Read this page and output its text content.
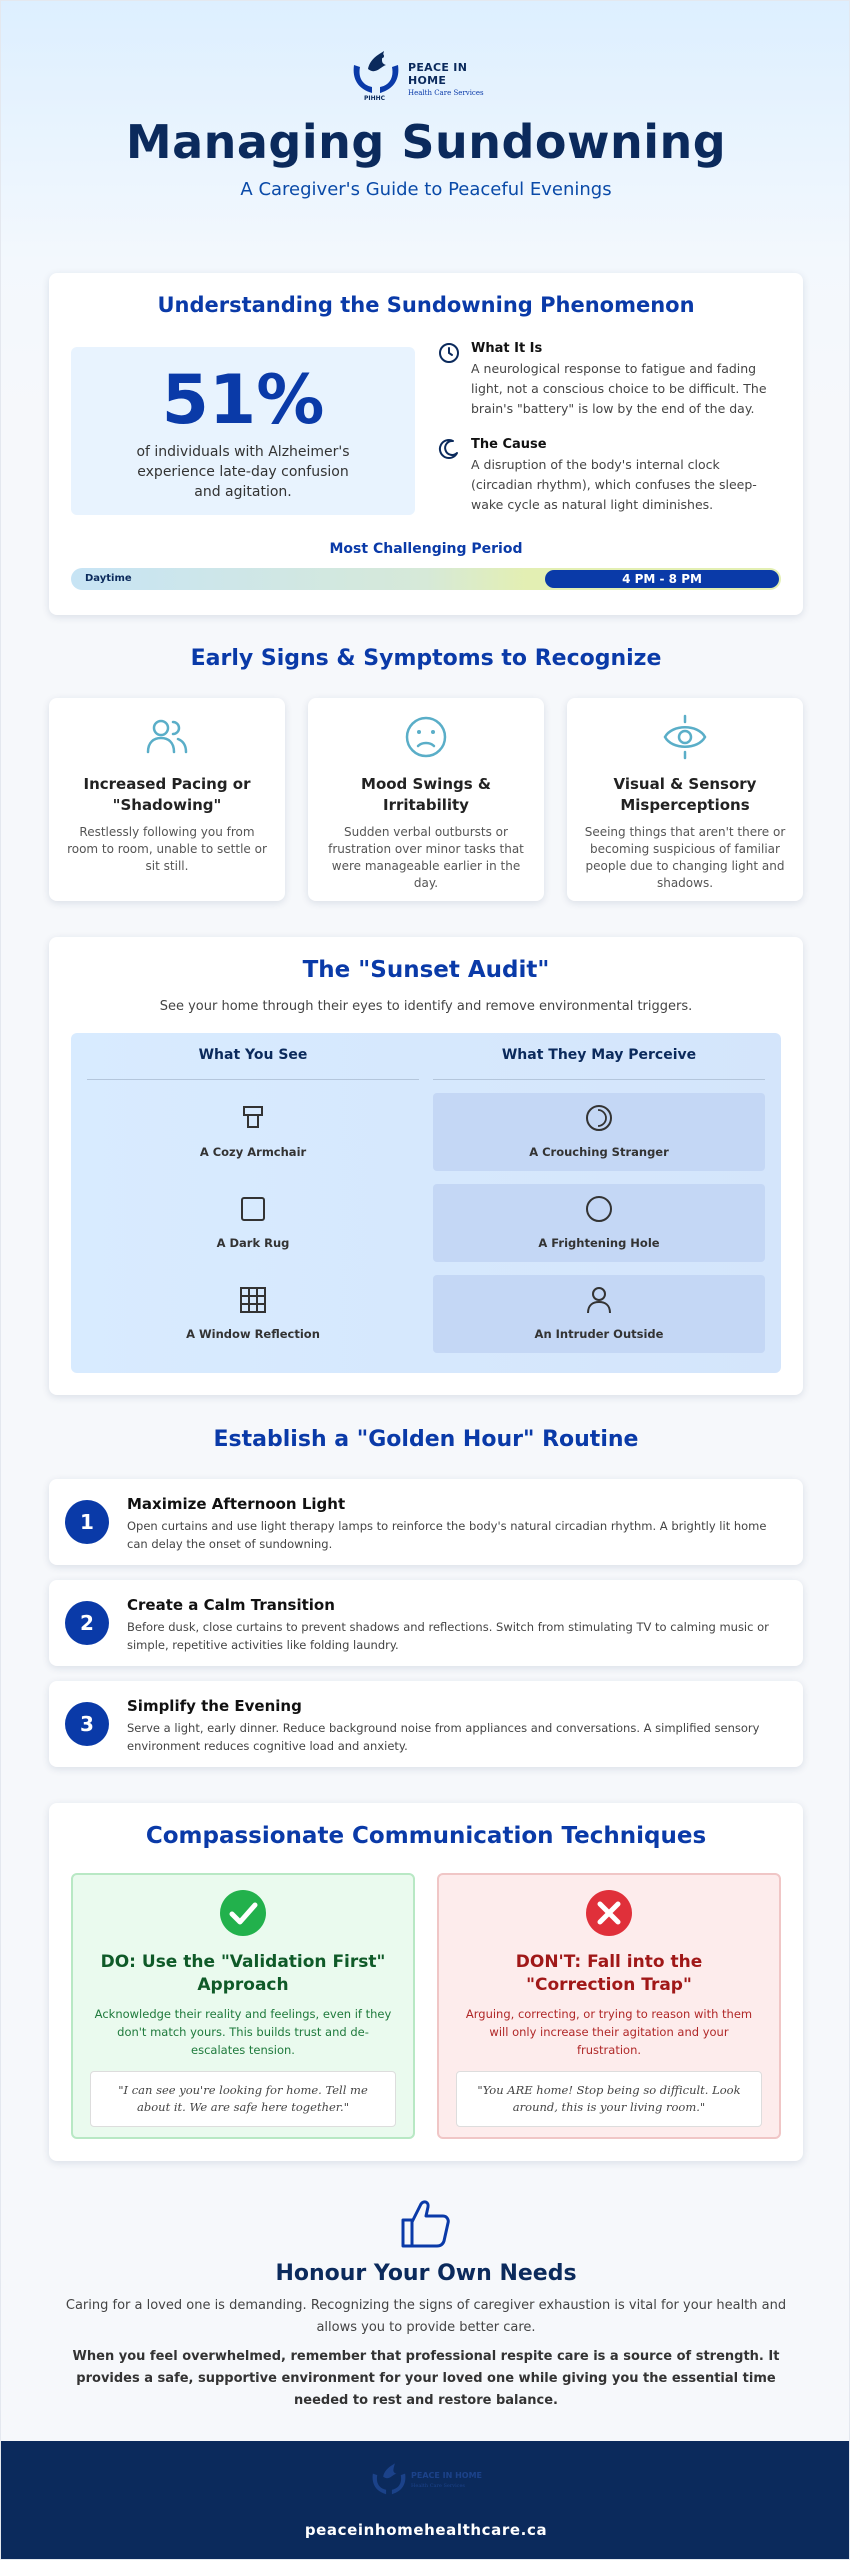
PIHHC
PEACE IN HOME
Health Care Services
Managing Sundowning
A Caregiver's Guide to Peaceful Evenings
Understanding the Sundowning Phenomenon
51%
of individuals with Alzheimer's experience late-day confusion and agitation.
What It Is
A neurological response to fatigue and fading light, not a conscious choice to be difficult. The brain's "battery" is low by the end of the day.
The Cause
A disruption of the body's internal clock (circadian rhythm), which confuses the sleep-wake cycle as natural light diminishes.
Most Challenging Period
Daytime	4 PM - 8 PM
Early Signs & Symptoms to Recognize
Increased Pacing or "Shadowing"
Restlessly following you from room to room, unable to settle or sit still.
Mood Swings & Irritability
Sudden verbal outbursts or frustration over minor tasks that were manageable earlier in the day.
Visual & Sensory Misperceptions
Seeing things that aren't there or becoming suspicious of familiar people due to changing light and shadows.
The "Sunset Audit"
See your home through their eyes to identify and remove environmental triggers.
What You See	What They May Perceive
A Cozy Armchair	A Crouching Stranger
A Dark Rug	A Frightening Hole
A Window Reflection	An Intruder Outside
Establish a "Golden Hour" Routine
1
Maximize Afternoon Light
Open curtains and use light therapy lamps to reinforce the body's natural circadian rhythm. A brightly lit home can delay the onset of sundowning.
2
Create a Calm Transition
Before dusk, close curtains to prevent shadows and reflections. Switch from stimulating TV to calming music or simple, repetitive activities like folding laundry.
3
Simplify the Evening
Serve a light, early dinner. Reduce background noise from appliances and conversations. A simplified sensory environment reduces cognitive load and anxiety.
Compassionate Communication Techniques
DO: Use the "Validation First" Approach
Acknowledge their reality and feelings, even if they don't match yours. This builds trust and de-escalates tension.
"I can see you're looking for home. Tell me about it. We are safe here together."
DON'T: Fall into the "Correction Trap"
Arguing, correcting, or trying to reason with them will only increase their agitation and your frustration.
"You ARE home! Stop being so difficult. Look around, this is your living room."
Honour Your Own Needs
Caring for a loved one is demanding. Recognizing the signs of caregiver exhaustion is vital for your health and allows you to provide better care.
When you feel overwhelmed, remember that professional respite care is a source of strength. It provides a safe, supportive environment for your loved one while giving you the essential time needed to rest and restore balance.
PEACE IN HOME
Health Care Services
peaceinhomehealthcare.ca
